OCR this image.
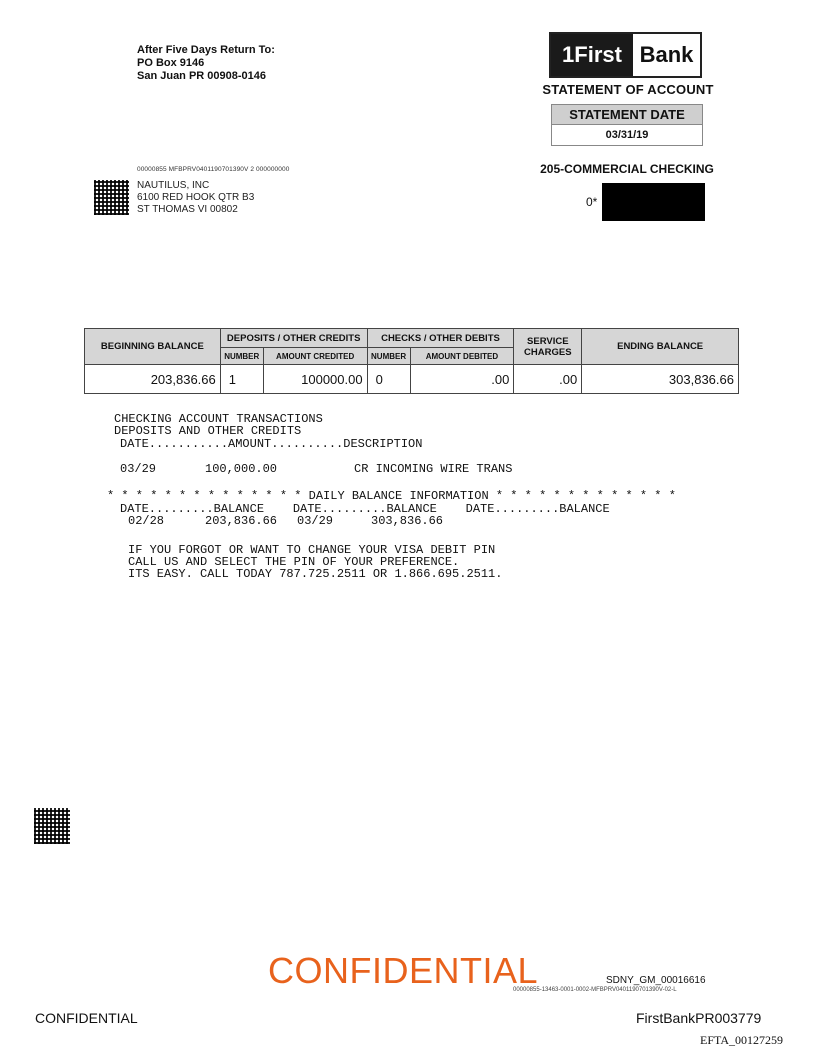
After Five Days Return To:
PO Box 9146
San Juan PR 00908-0146
1First Bank
STATEMENT OF ACCOUNT
STATEMENT DATE
03/31/19
205-COMMERCIAL CHECKING
0*
00000855 MFBPRV0401190701390V 2 000000000
NAUTILUS, INC
6100 RED HOOK QTR B3
ST THOMAS VI 00802
BEGINNING BALANCE	DEPOSITS / OTHER CREDITS		CHECKS / OTHER DEBITS		SERVICE CHARGES	ENDING BALANCE
	NUMBER	AMOUNT CREDITED	NUMBER	AMOUNT DEBITED		
203,836.66	1	100000.00	0	.00	.00	303,836.66
CHECKING ACCOUNT TRANSACTIONS
DEPOSITS AND OTHER CREDITS
DATE...........AMOUNT..........DESCRIPTION
03/29	100,000.00	CR INCOMING WIRE TRANS
* * * * * * * * * * * * * * DAILY BALANCE INFORMATION * * * * * * * * * * * * *
DATE.........BALANCE    DATE.........BALANCE    DATE.........BALANCE
02/28	203,836.66 03/29	303,836.66
IF YOU FORGOT OR WANT TO CHANGE YOUR VISA DEBIT PIN
CALL US AND SELECT THE PIN OF YOUR PREFERENCE.
ITS EASY. CALL TODAY 787.725.2511 OR 1.866.695.2511.
CONFIDENTIAL	SDNY_GM_00016616
00000855-13463-0001-0002-MFBPRV0401190701390V-02-L
CONFIDENTIAL	FirstBankPR003779
EFTA_00127259
